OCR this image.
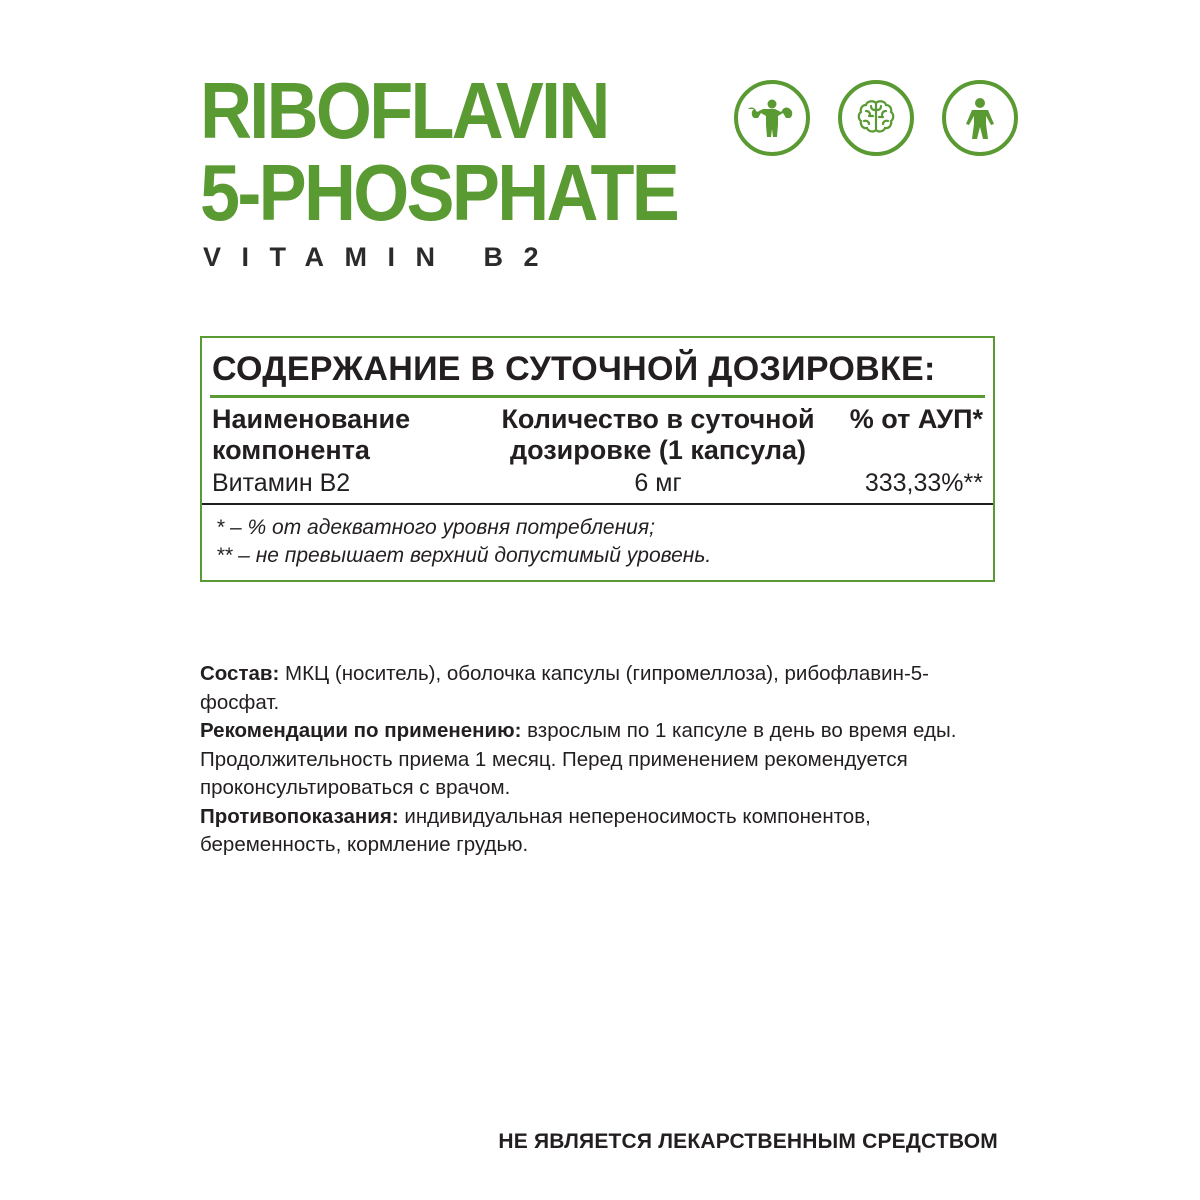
RIBOFLAVIN
5-PHOSPHATE
VITAMIN B2
СОДЕРЖАНИЕ В СУТОЧНОЙ ДОЗИРОВКЕ:
Наименование компонента
Количество в суточной дозировке (1 капсула)
% от АУП*
Витамин В2	6 мг	333,33%**
* – % от адекватного уровня потребления;
** – не превышает верхний допустимый уровень.

Состав: МКЦ (носитель), оболочка капсулы (гипромеллоза), рибофлавин-5-фосфат.

Рекомендации по применению: взрослым по 1 капсуле в день во время еды. Продолжительность приема 1 месяц. Перед применением рекомендуется проконсультироваться с врачом.

Противопоказания: индивидуальная непереносимость компонентов, беременность, кормление грудью.

НЕ ЯВЛЯЕТСЯ ЛЕКАРСТВЕННЫМ СРЕДСТВОМ
